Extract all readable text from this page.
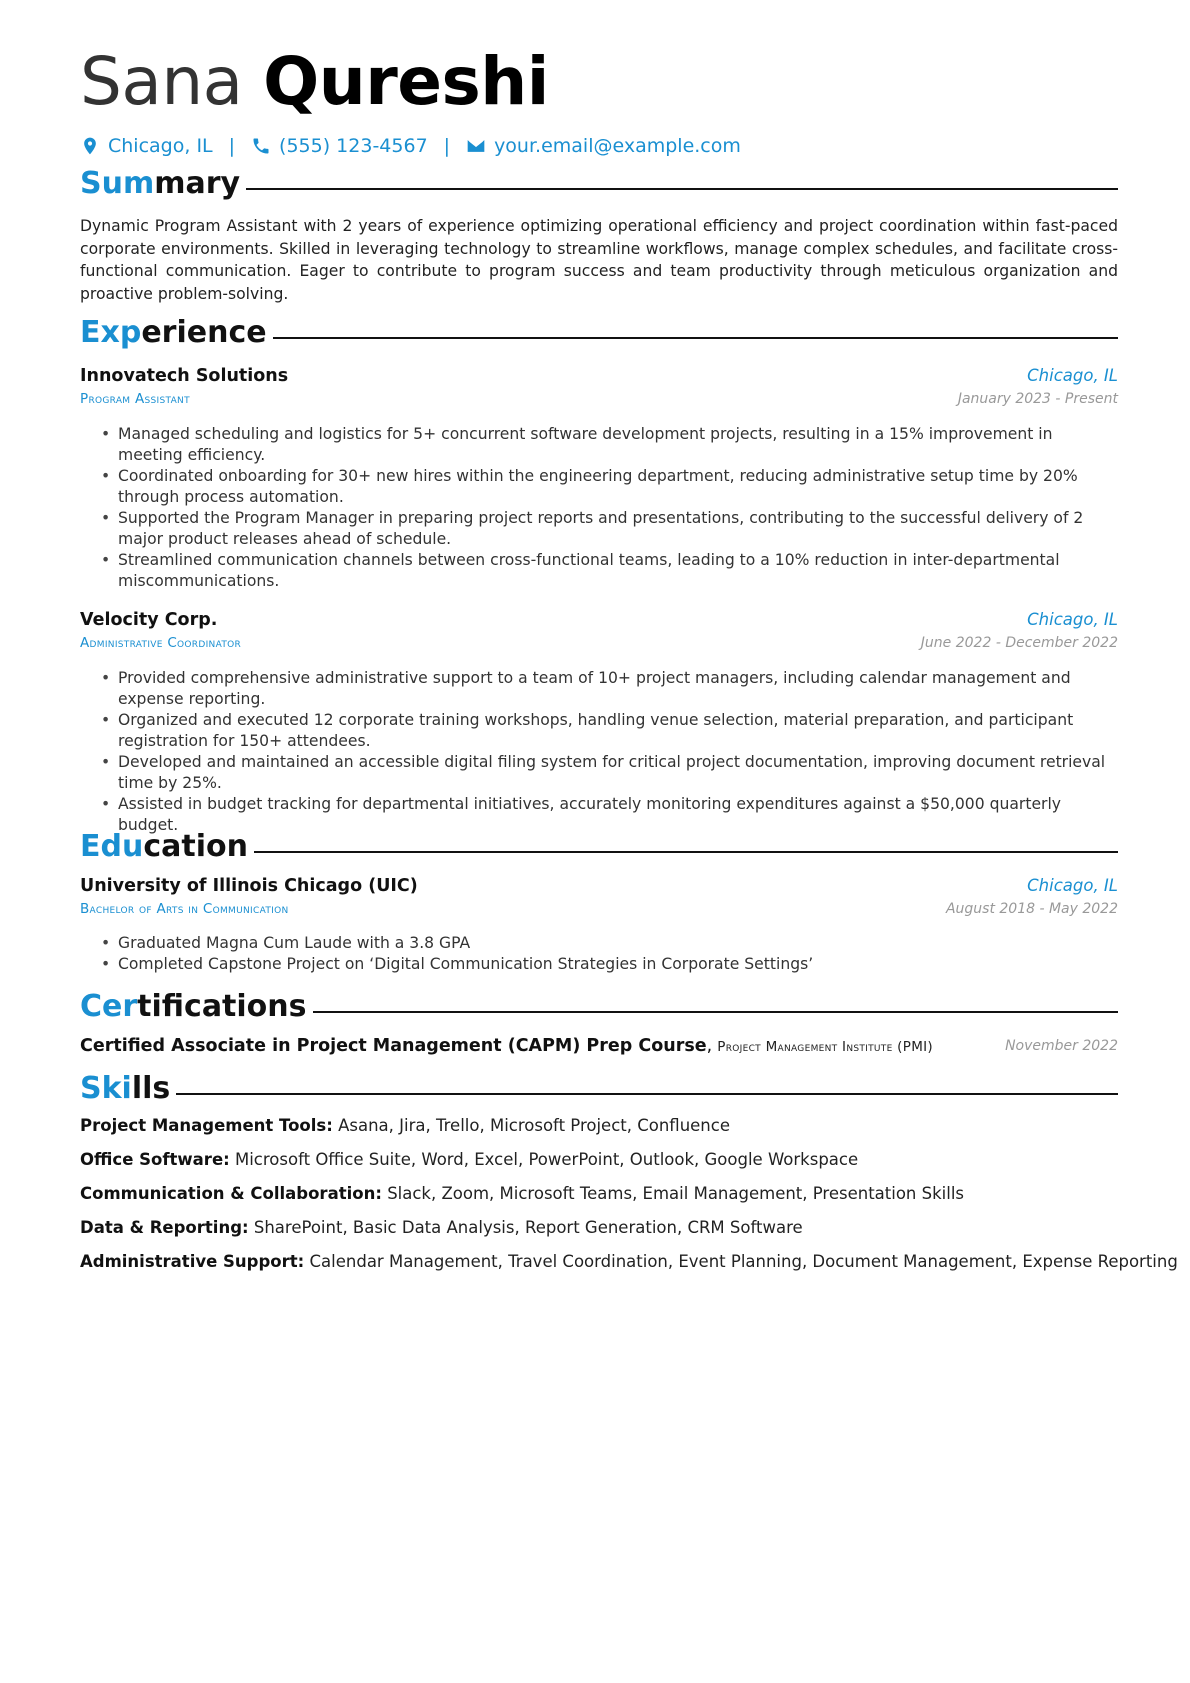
Sana Qureshi
Chicago, IL | (555) 123-4567 | your.email@example.com
Summary
Dynamic Program Assistant with 2 years of experience optimizing operational efficiency and project coordination within fast-paced corporate environments. Skilled in leveraging technology to streamline workflows, manage complex schedules, and facilitate cross-functional communication. Eager to contribute to program success and team productivity through meticulous organization and proactive problem-solving.
Experience
Innovatech Solutions	Chicago, IL
Program Assistant	January 2023 - Present
• Managed scheduling and logistics for 5+ concurrent software development projects, resulting in a 15% improvement in meeting efficiency.
• Coordinated onboarding for 30+ new hires within the engineering department, reducing administrative setup time by 20% through process automation.
• Supported the Program Manager in preparing project reports and presentations, contributing to the successful delivery of 2 major product releases ahead of schedule.
• Streamlined communication channels between cross-functional teams, leading to a 10% reduction in inter-departmental miscommunications.
Velocity Corp.	Chicago, IL
Administrative Coordinator	June 2022 - December 2022
• Provided comprehensive administrative support to a team of 10+ project managers, including calendar management and expense reporting.
• Organized and executed 12 corporate training workshops, handling venue selection, material preparation, and participant registration for 150+ attendees.
• Developed and maintained an accessible digital filing system for critical project documentation, improving document retrieval time by 25%.
• Assisted in budget tracking for departmental initiatives, accurately monitoring expenditures against a $50,000 quarterly budget.
Education
University of Illinois Chicago (UIC)	Chicago, IL
Bachelor of Arts in Communication	August 2018 - May 2022
• Graduated Magna Cum Laude with a 3.8 GPA
• Completed Capstone Project on ‘Digital Communication Strategies in Corporate Settings’
Certifications
Certified Associate in Project Management (CAPM) Prep Course, Project Management Institute (PMI)	November 2022
Skills
Project Management Tools: Asana, Jira, Trello, Microsoft Project, Confluence
Office Software: Microsoft Office Suite, Word, Excel, PowerPoint, Outlook, Google Workspace
Communication & Collaboration: Slack, Zoom, Microsoft Teams, Email Management, Presentation Skills
Data & Reporting: SharePoint, Basic Data Analysis, Report Generation, CRM Software
Administrative Support: Calendar Management, Travel Coordination, Event Planning, Document Management, Expense Reporting
